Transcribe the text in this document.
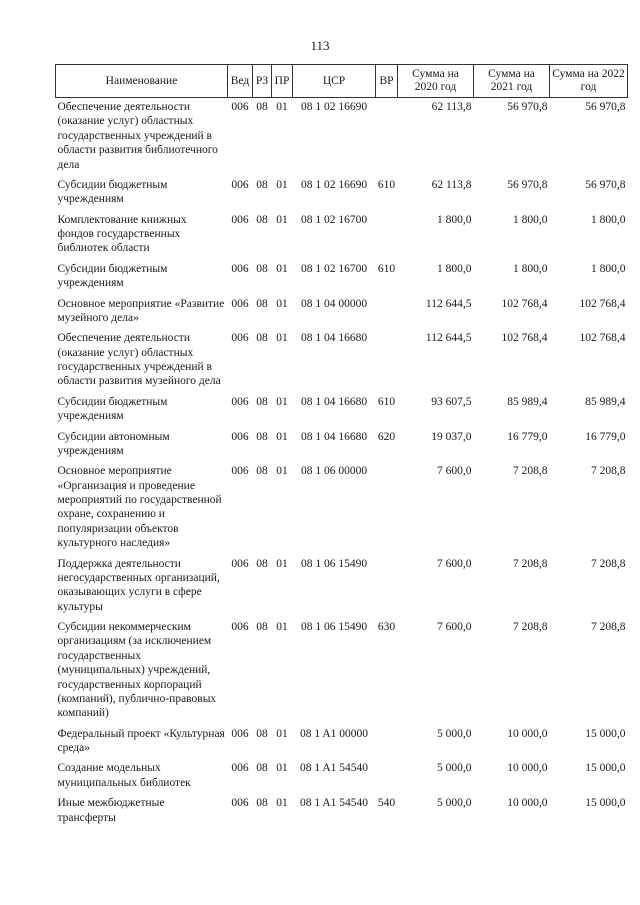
113
Наименование	Вед	РЗ	ПР	ЦСР	ВР	Сумма на 2020 год	Сумма на 2021 год	Сумма на 2022 год
Обеспечение деятельности (оказание услуг) областных государственных учреждений в области развития библиотечного дела	006	08	01	08 1 02 16690		62 113,8	56 970,8	56 970,8
Субсидии бюджетным учреждениям	006	08	01	08 1 02 16690	610	62 113,8	56 970,8	56 970,8
Комплектование книжных фондов государственных библиотек области	006	08	01	08 1 02 16700		1 800,0	1 800,0	1 800,0
Субсидии бюджетным учреждениям	006	08	01	08 1 02 16700	610	1 800,0	1 800,0	1 800,0
Основное мероприятие «Развитие музейного дела»	006	08	01	08 1 04 00000		112 644,5	102 768,4	102 768,4
Обеспечение деятельности (оказание услуг) областных государственных учреждений в области развития музейного дела	006	08	01	08 1 04 16680		112 644,5	102 768,4	102 768,4
Субсидии бюджетным учреждениям	006	08	01	08 1 04 16680	610	93 607,5	85 989,4	85 989,4
Субсидии автономным учреждениям	006	08	01	08 1 04 16680	620	19 037,0	16 779,0	16 779,0
Основное мероприятие «Организация и проведение мероприятий по государственной охране, сохранению и популяризации объектов культурного наследия»	006	08	01	08 1 06 00000		7 600,0	7 208,8	7 208,8
Поддержка деятельности негосударственных организаций, оказывающих услуги в сфере культуры	006	08	01	08 1 06 15490		7 600,0	7 208,8	7 208,8
Субсидии некоммерческим организациям (за исключением государственных (муниципальных) учреждений, государственных корпораций (компаний), публично-правовых компаний)	006	08	01	08 1 06 15490	630	7 600,0	7 208,8	7 208,8
Федеральный проект «Культурная среда»	006	08	01	08 1 A1 00000		5 000,0	10 000,0	15 000,0
Создание модельных муниципальных библиотек	006	08	01	08 1 A1 54540		5 000,0	10 000,0	15 000,0
Иные межбюджетные трансферты	006	08	01	08 1 A1 54540	540	5 000,0	10 000,0	15 000,0
